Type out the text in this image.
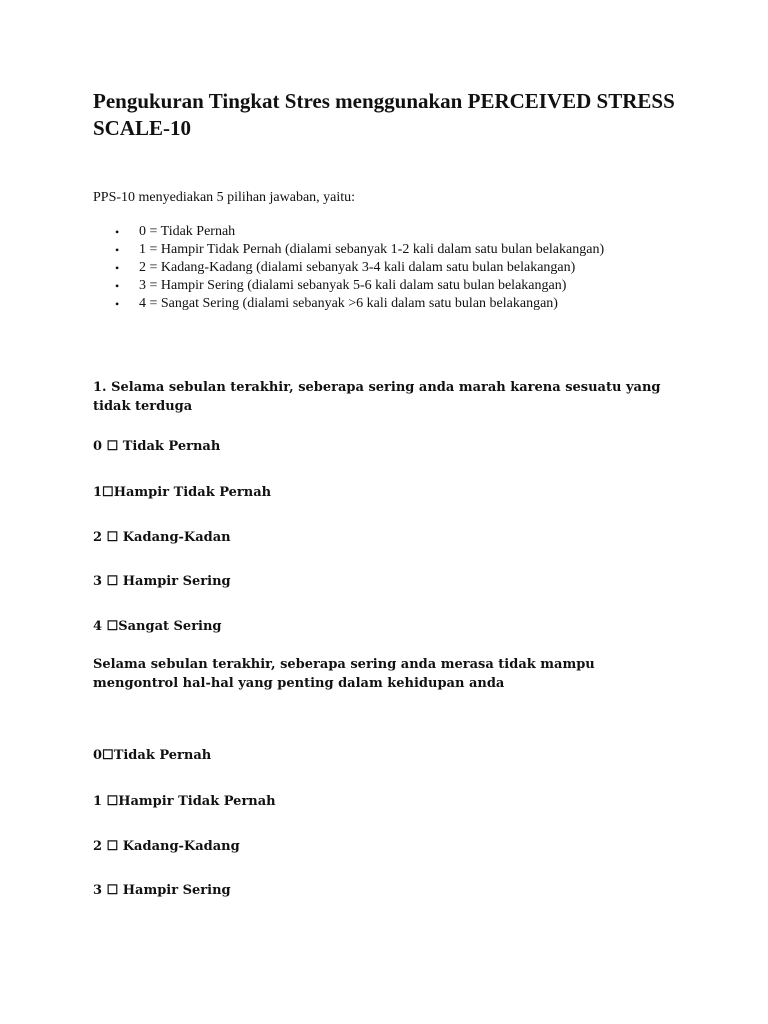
Pengukuran Tingkat Stres menggunakan PERCEIVED STRESS SCALE-10
PPS-10 menyediakan 5 pilihan jawaban, yaitu:
• 0 = Tidak Pernah
• 1 = Hampir Tidak Pernah (dialami sebanyak 1-2 kali dalam satu bulan belakangan)
• 2 = Kadang-Kadang (dialami sebanyak 3-4 kali dalam satu bulan belakangan)
• 3 = Hampir Sering (dialami sebanyak 5-6 kali dalam satu bulan belakangan)
• 4 = Sangat Sering (dialami sebanyak >6 kali dalam satu bulan belakangan)
1. Selama sebulan terakhir, seberapa sering anda marah karena sesuatu yang tidak terduga
0 ☐ Tidak Pernah
1☐Hampir Tidak Pernah
2 ☐ Kadang-Kadan
3 ☐ Hampir Sering
4 ☐Sangat Sering
Selama sebulan terakhir, seberapa sering anda merasa tidak mampu mengontrol hal-hal yang penting dalam kehidupan anda
0☐Tidak Pernah
1 ☐Hampir Tidak Pernah
2 ☐ Kadang-Kadang
3 ☐ Hampir Sering
